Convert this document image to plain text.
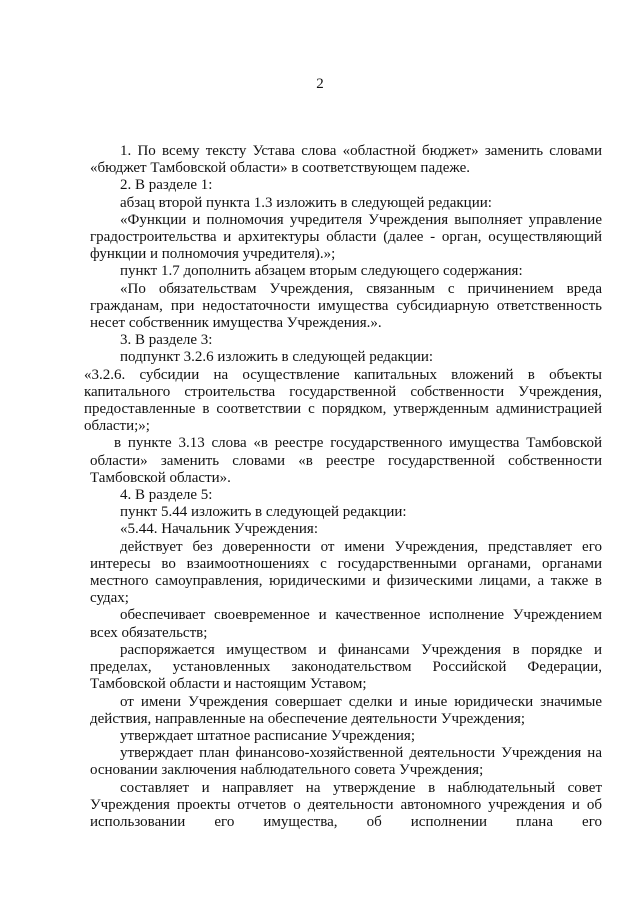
2

1. По всему тексту Устава слова «областной бюджет» заменить словами «бюджет Тамбовской области» в соответствующем падеже.

2. В разделе 1:

абзац второй пункта 1.3 изложить в следующей редакции:

«Функции и полномочия учредителя Учреждения выполняет управление градостроительства и архитектуры области (далее - орган, осуществляющий функции и полномочия учредителя).»;

пункт 1.7 дополнить абзацем вторым следующего содержания:

«По обязательствам Учреждения, связанным с причинением вреда гражданам, при недостаточности имущества субсидиарную ответственность несет собственник имущества Учреждения.».

3. В разделе 3:

подпункт 3.2.6 изложить в следующей редакции:

«3.2.6. субсидии на осуществление капитальных вложений в объекты капитального строительства государственной собственности Учреждения, предоставленные в соответствии с порядком, утвержденным администрацией области;»;

в пункте 3.13 слова «в реестре государственного имущества Тамбовской области» заменить словами «в реестре государственной собственности Тамбовской области».

4. В разделе 5:

пункт 5.44 изложить в следующей редакции:

«5.44. Начальник Учреждения:

действует без доверенности от имени Учреждения, представляет его интересы во взаимоотношениях с государственными органами, органами местного самоуправления, юридическими и физическими лицами, а также в судах;

обеспечивает своевременное и качественное исполнение Учреждением всех обязательств;

распоряжается имуществом и финансами Учреждения в порядке и пределах, установленных законодательством Российской Федерации, Тамбовской области и настоящим Уставом;

от имени Учреждения совершает сделки и иные юридически значимые действия, направленные на обеспечение деятельности Учреждения;

утверждает штатное расписание Учреждения;

утверждает план финансово-хозяйственной деятельности Учреждения на основании заключения наблюдательного совета Учреждения;

составляет и направляет на утверждение в наблюдательный совет Учреждения проекты отчетов о деятельности автономного учреждения и об использовании его имущества, об исполнении плана его
